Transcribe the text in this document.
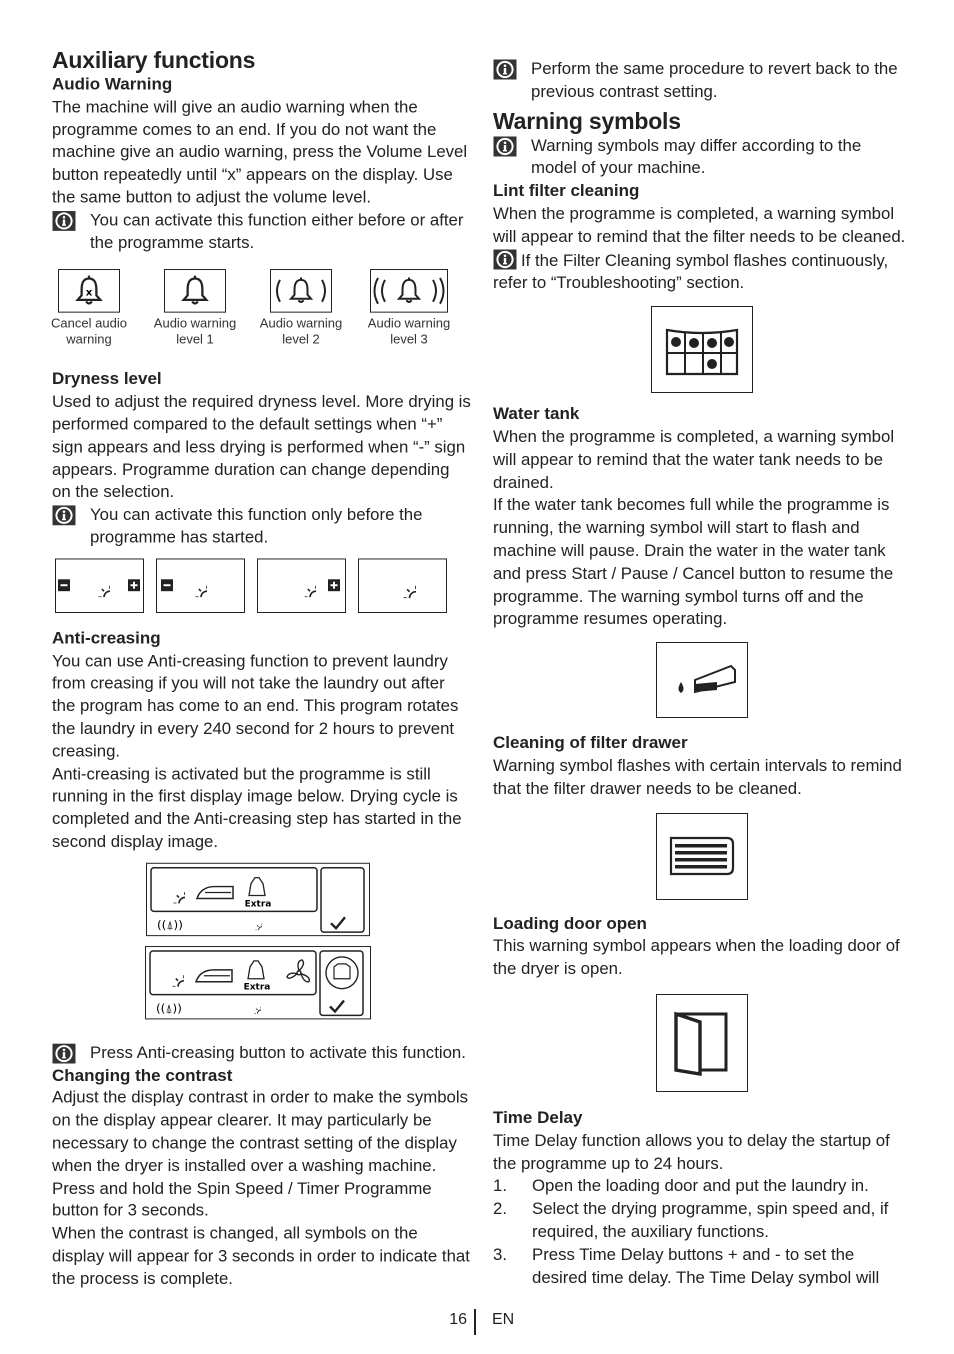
Auxiliary functions
Audio Warning

The machine will give an audio warning when the programme comes to an end. If you do not want the machine give an audio warning, press the Volume Level button repeatedly until “x” appears on the display. Use the same button to adjust the volume level.

You can activate this function either before or after the programme starts.
x
Cancel audio warning
Audio warning level 1
Audio warning level 2
Audio warning level 3
Dryness level

Used to adjust the required dryness level. More drying is performed compared to the default settings when “+” sign appears and less drying is performed when “-” sign appears. Programme duration can change depending on the selection.

You can activate this function only before the programme has started.
Anti-creasing

You can use Anti-creasing function to prevent laundry from creasing if you will not take the laundry out after the program has come to an end. This program rotates the laundry in every 240 second for 2 hours to prevent creasing.

Anti-creasing is activated but the programme is still running in the first display image below. Drying cycle is completed and the Anti-creasing step has started in the second display image.

Extra
((⍋))
Extra
((⍋))
Press Anti-creasing button to activate this function.
Changing the contrast

Adjust the display contrast in order to make the symbols on the display appear clearer. It may particularly be necessary to change the contrast setting of the display when the dryer is installed over a washing machine. Press and hold the Spin Speed / Timer Programme button for 3 seconds.

When the contrast is changed, all symbols on the display will appear for 3 seconds in order to indicate that the process is complete.

Perform the same procedure to revert back to the previous contrast setting.
Warning symbols
Warning symbols may differ according to the model of your machine.
Lint filter cleaning

When the programme is completed, a warning symbol will appear to remind that the filter needs to be cleaned.

If the Filter Cleaning symbol flashes continuously, refer to “Troubleshooting” section.

Water tank

When the programme is completed, a warning symbol will appear to remind that the water tank needs to be drained.

If the water tank becomes full while the programme is running, the warning symbol will start to flash and machine will pause. Drain the water in the water tank and press Start / Pause / Cancel button to resume the programme. The warning symbol turns off and the programme resumes operating.

Cleaning of filter drawer

Warning symbol flashes with certain intervals to remind that the filter drawer needs to be cleaned.

Loading door open

This warning symbol appears when the loading door of the dryer is open.

Time Delay

Time Delay function allows you to delay the startup of the programme up to 24 hours.

1. Open the loading door and put the laundry in.
2. Select the drying programme, spin speed and, if required, the auxiliary functions.
3. Press Time Delay buttons + and - to set the desired time delay. The Time Delay symbol will
16 EN
